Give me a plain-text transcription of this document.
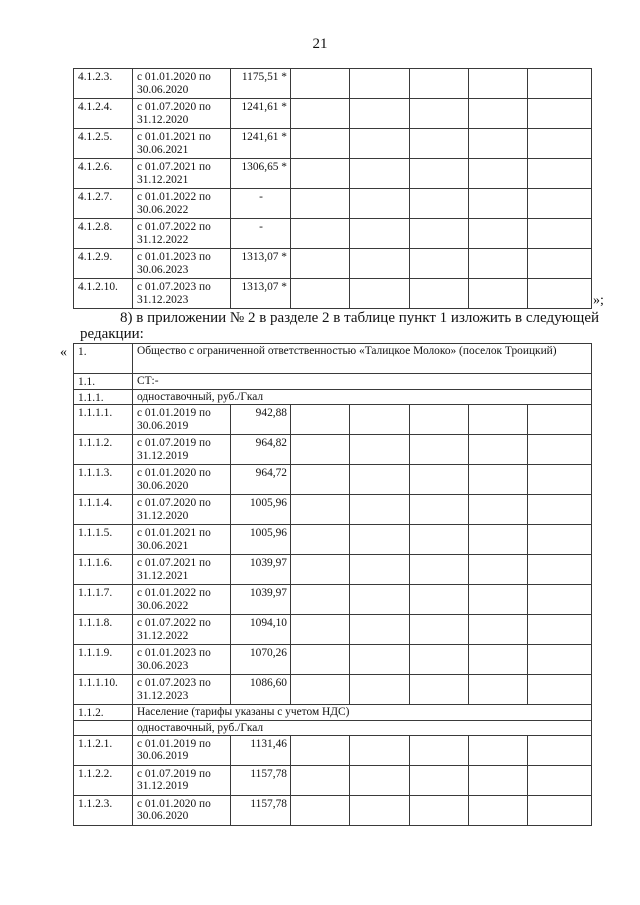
21
4.1.2.3.	с 01.01.2020 по 30.06.2020	1175,51 *					
4.1.2.4.	с 01.07.2020 по 31.12.2020	1241,61 *					
4.1.2.5.	с 01.01.2021 по 30.06.2021	1241,61 *					
4.1.2.6.	с 01.07.2021 по 31.12.2021	1306,65 *					
4.1.2.7.	с 01.01.2022 по 30.06.2022	-					
4.1.2.8.	с 01.07.2022 по 31.12.2022	-					
4.1.2.9.	с 01.01.2023 по 30.06.2023	1313,07 *					
4.1.2.10.	с 01.07.2023 по 31.12.2023	1313,07 *					
»;
8) в приложении № 2 в разделе 2 в таблице пункт 1 изложить в следующей
редакции:
« 1.	Общество с ограниченной ответственностью «Талицкое Молоко» (поселок Троицкий)						
1.1.	СТ:-						
1.1.1.	одноставочный, руб./Гкал						
1.1.1.1.	с 01.01.2019 по 30.06.2019	942,88					
1.1.1.2.	с 01.07.2019 по 31.12.2019	964,82					
1.1.1.3.	с 01.01.2020 по 30.06.2020	964,72					
1.1.1.4.	с 01.07.2020 по 31.12.2020	1005,96					
1.1.1.5.	с 01.01.2021 по 30.06.2021	1005,96					
1.1.1.6.	с 01.07.2021 по 31.12.2021	1039,97					
1.1.1.7.	с 01.01.2022 по 30.06.2022	1039,97					
1.1.1.8.	с 01.07.2022 по 31.12.2022	1094,10					
1.1.1.9.	с 01.01.2023 по 30.06.2023	1070,26					
1.1.1.10.	с 01.07.2023 по 31.12.2023	1086,60					
1.1.2.	Население (тарифы указаны с учетом НДС)						
	одноставочный, руб./Гкал						
1.1.2.1.	с 01.01.2019 по 30.06.2019	1131,46					
1.1.2.2.	с 01.07.2019 по 31.12.2019	1157,78					
1.1.2.3.	с 01.01.2020 по 30.06.2020	1157,78					
